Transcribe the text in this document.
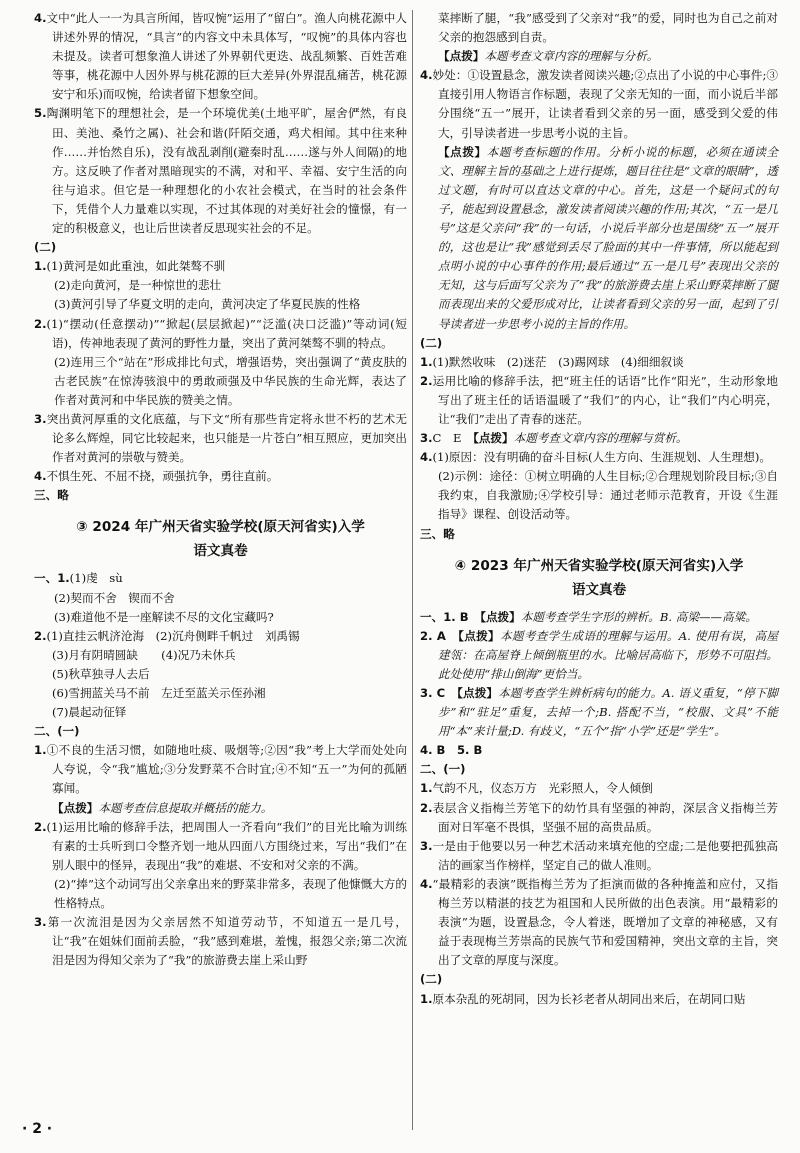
4.文中“此人一一为具言所闻，皆叹惋”运用了“留白”。渔人向桃花源中人讲述外界的情况，“具言”的内容文中未具体写，“叹惋”的具体内容也未提及。读者可想象渔人讲述了外界朝代更迭、战乱频繁、百姓苦难等事，桃花源中人因外界与桃花源的巨大差异(外界混乱痛苦，桃花源安宁和乐)而叹惋，给读者留下想象空间。

5.陶渊明笔下的理想社会，是一个环境优美(土地平旷，屋舍俨然，有良田、美池、桑竹之属)、社会和谐(阡陌交通，鸡犬相闻。其中往来种作……并怡然自乐)，没有战乱剥削(避秦时乱……遂与外人间隔)的地方。这反映了作者对黑暗现实的不满，对和平、幸福、安宁生活的向往与追求。但它是一种理想化的小农社会模式，在当时的社会条件下，凭借个人力量难以实现，不过其体现的对美好社会的憧憬，有一定的积极意义，也让后世读者反思现实社会的不足。

(二)

1.(1)黄河是如此重浊，如此桀骜不驯

(2)走向黄河，是一种惊世的悲壮

(3)黄河引导了华夏文明的走向，黄河决定了华夏民族的性格

2.(1)“摆动(任意摆动)”“掀起(层层掀起)”“泛滥(决口泛滥)”等动词(短语)，传神地表现了黄河的野性力量，突出了黄河桀骜不驯的特点。

(2)连用三个“站在”形成排比句式，增强语势，突出强调了“黄皮肤的古老民族”在惊涛骇浪中的勇敢顽强及中华民族的生命光辉，表达了作者对黄河和中华民族的赞美之情。

3.突出黄河厚重的文化底蕴，与下文“所有那些肯定将永世不朽的艺术无论多么辉煌，同它比较起来，也只能是一片苍白”相互照应，更加突出作者对黄河的崇敬与赞美。

4.不惧生死、不屈不挠，顽强抗争，勇往直前。

三、略

③ 2024 年广州天省实验学校(原天河省实)入学
语文真卷

一、1.(1)虔　sù

(2)契而不舍　锲而不舍

(3)难道他不是一座解读不尽的文化宝藏吗?

2.(1)直挂云帆济沧海　(2)沉舟侧畔千帆过　刘禹锡

(3)月有阴晴圆缺　　(4)况乃未休兵

(5)秋草独寻人去后

(6)雪拥蓝关马不前　左迁至蓝关示侄孙湘

(7)晨起动征铎

二、(一)

1.①不良的生活习惯，如随地吐痰、吸烟等;②因“我”考上大学而处处向人夸说，令“我”尴尬;③分发野菜不合时宜;④不知“五一”为何的孤陋寡闻。

【点拨】本题考查信息提取并概括的能力。

2.(1)运用比喻的修辞手法，把周围人一齐看向“我们”的目光比喻为训练有素的士兵听到口令整齐划一地从四面八方围绕过来，写出“我们”在别人眼中的怪异，表现出“我”的难堪、不安和对父亲的不满。

(2)“捧”这个动词写出父亲拿出来的野菜非常多，表现了他慷慨大方的性格特点。

3.第一次流泪是因为父亲居然不知道劳动节，不知道五一是几号，让“我”在姐妹们面前丢脸，“我”感到难堪，羞愧，报怨父亲;第二次流泪是因为得知父亲为了“我”的旅游费去崖上采山野

菜摔断了腿，“我”感受到了父亲对“我”的爱，同时也为自己之前对父亲的抱怨感到自责。

【点拨】本题考查文章内容的理解与分析。

4.妙处：①设置悬念，激发读者阅读兴趣;②点出了小说的中心事件;③直接引用人物语言作标题，表现了父亲无知的一面，而小说后半部分围绕“五一”展开，让读者看到父亲的另一面，感受到父爱的伟大，引导读者进一步思考小说的主旨。

【点拨】本题考查标题的作用。分析小说的标题，必须在通读全文、理解主旨的基础之上进行提炼，题目往往是“文章的眼睛”，透过文题，有时可以直达文章的中心。首先，这是一个疑问式的句子，能起到设置悬念，激发读者阅读兴趣的作用;其次，“五一是几号”这是父亲问“我”的一句话，小说后半部分也是围绕“五一”展开的，这也是让“我”感觉到丢尽了脸面的其中一件事情，所以能起到点明小说的中心事件的作用;最后通过“五一是几号”表现出父亲的无知，这与后面写父亲为了“我”的旅游费去崖上采山野菜摔断了腿而表现出来的父爱形成对比，让读者看到父亲的另一面，起到了引导读者进一步思考小说的主旨的作用。

(二)

1.(1)默然收味　(2)迷茫　(3)踢网球　(4)细细叙谈

2.运用比喻的修辞手法，把“班主任的话语”比作“阳光”，生动形象地写出了班主任的话语温暖了“我们”的内心，让“我们”内心明亮，让“我们”走出了青春的迷茫。

3.C　E　 【点拨】本题考查文章内容的理解与赏析。

4.(1)原因：没有明确的奋斗目标(人生方向、生涯规划、人生理想)。

(2)示例：途径：①树立明确的人生目标;②合理规划阶段目标;③自我约束，自我激励;④学校引导：通过老师示范教育，开设《生涯指导》课程、创设活动等。

三、略

④ 2023 年广州天省实验学校(原天河省实)入学
语文真卷

一、1. B　 【点拨】本题考查学生字形的辨析。B. 高梁——高粱。

2. A　 【点拨】本题考查学生成语的理解与运用。A. 使用有误，高屋建瓴：在高屋脊上倾倒瓶里的水。比喻居高临下，形势不可阻挡。此处使用“排山倒海”更恰当。

3. C　 【点拨】本题考查学生辨析病句的能力。A. 语义重复，“停下脚步”和“驻足”重复，去掉一个;B. 搭配不当，“校服、文具”不能用“本”来计量;D. 有歧义，“五个”指“小学”还是“学生”。

4. B　5. B

二、(一)

1.气韵不凡，仪态万方　光彩照人，令人倾倒

2.表层含义指梅兰芳笔下的幼竹具有坚强的神韵，深层含义指梅兰芳面对日军毫不畏惧，坚强不屈的高贵品质。

3.一是由于他要以另一种艺术活动来填充他的空虚;二是他要把孤独高洁的画家当作榜样，坚定自己的做人准则。

4.“最精彩的表演”既指梅兰芳为了拒演而做的各种掩盖和应付，又指梅兰芳以精湛的技艺为祖国和人民所做的出色表演。用“最精彩的表演”为题，设置悬念，令人着迷，既增加了文章的神秘感，又有益于表现梅兰芳崇高的民族气节和爱国精神，突出文章的主旨，突出了文章的厚度与深度。

(二)

1.原本杂乱的死胡同，因为长衫老者从胡同出来后，在胡同口贴

· 2 ·
